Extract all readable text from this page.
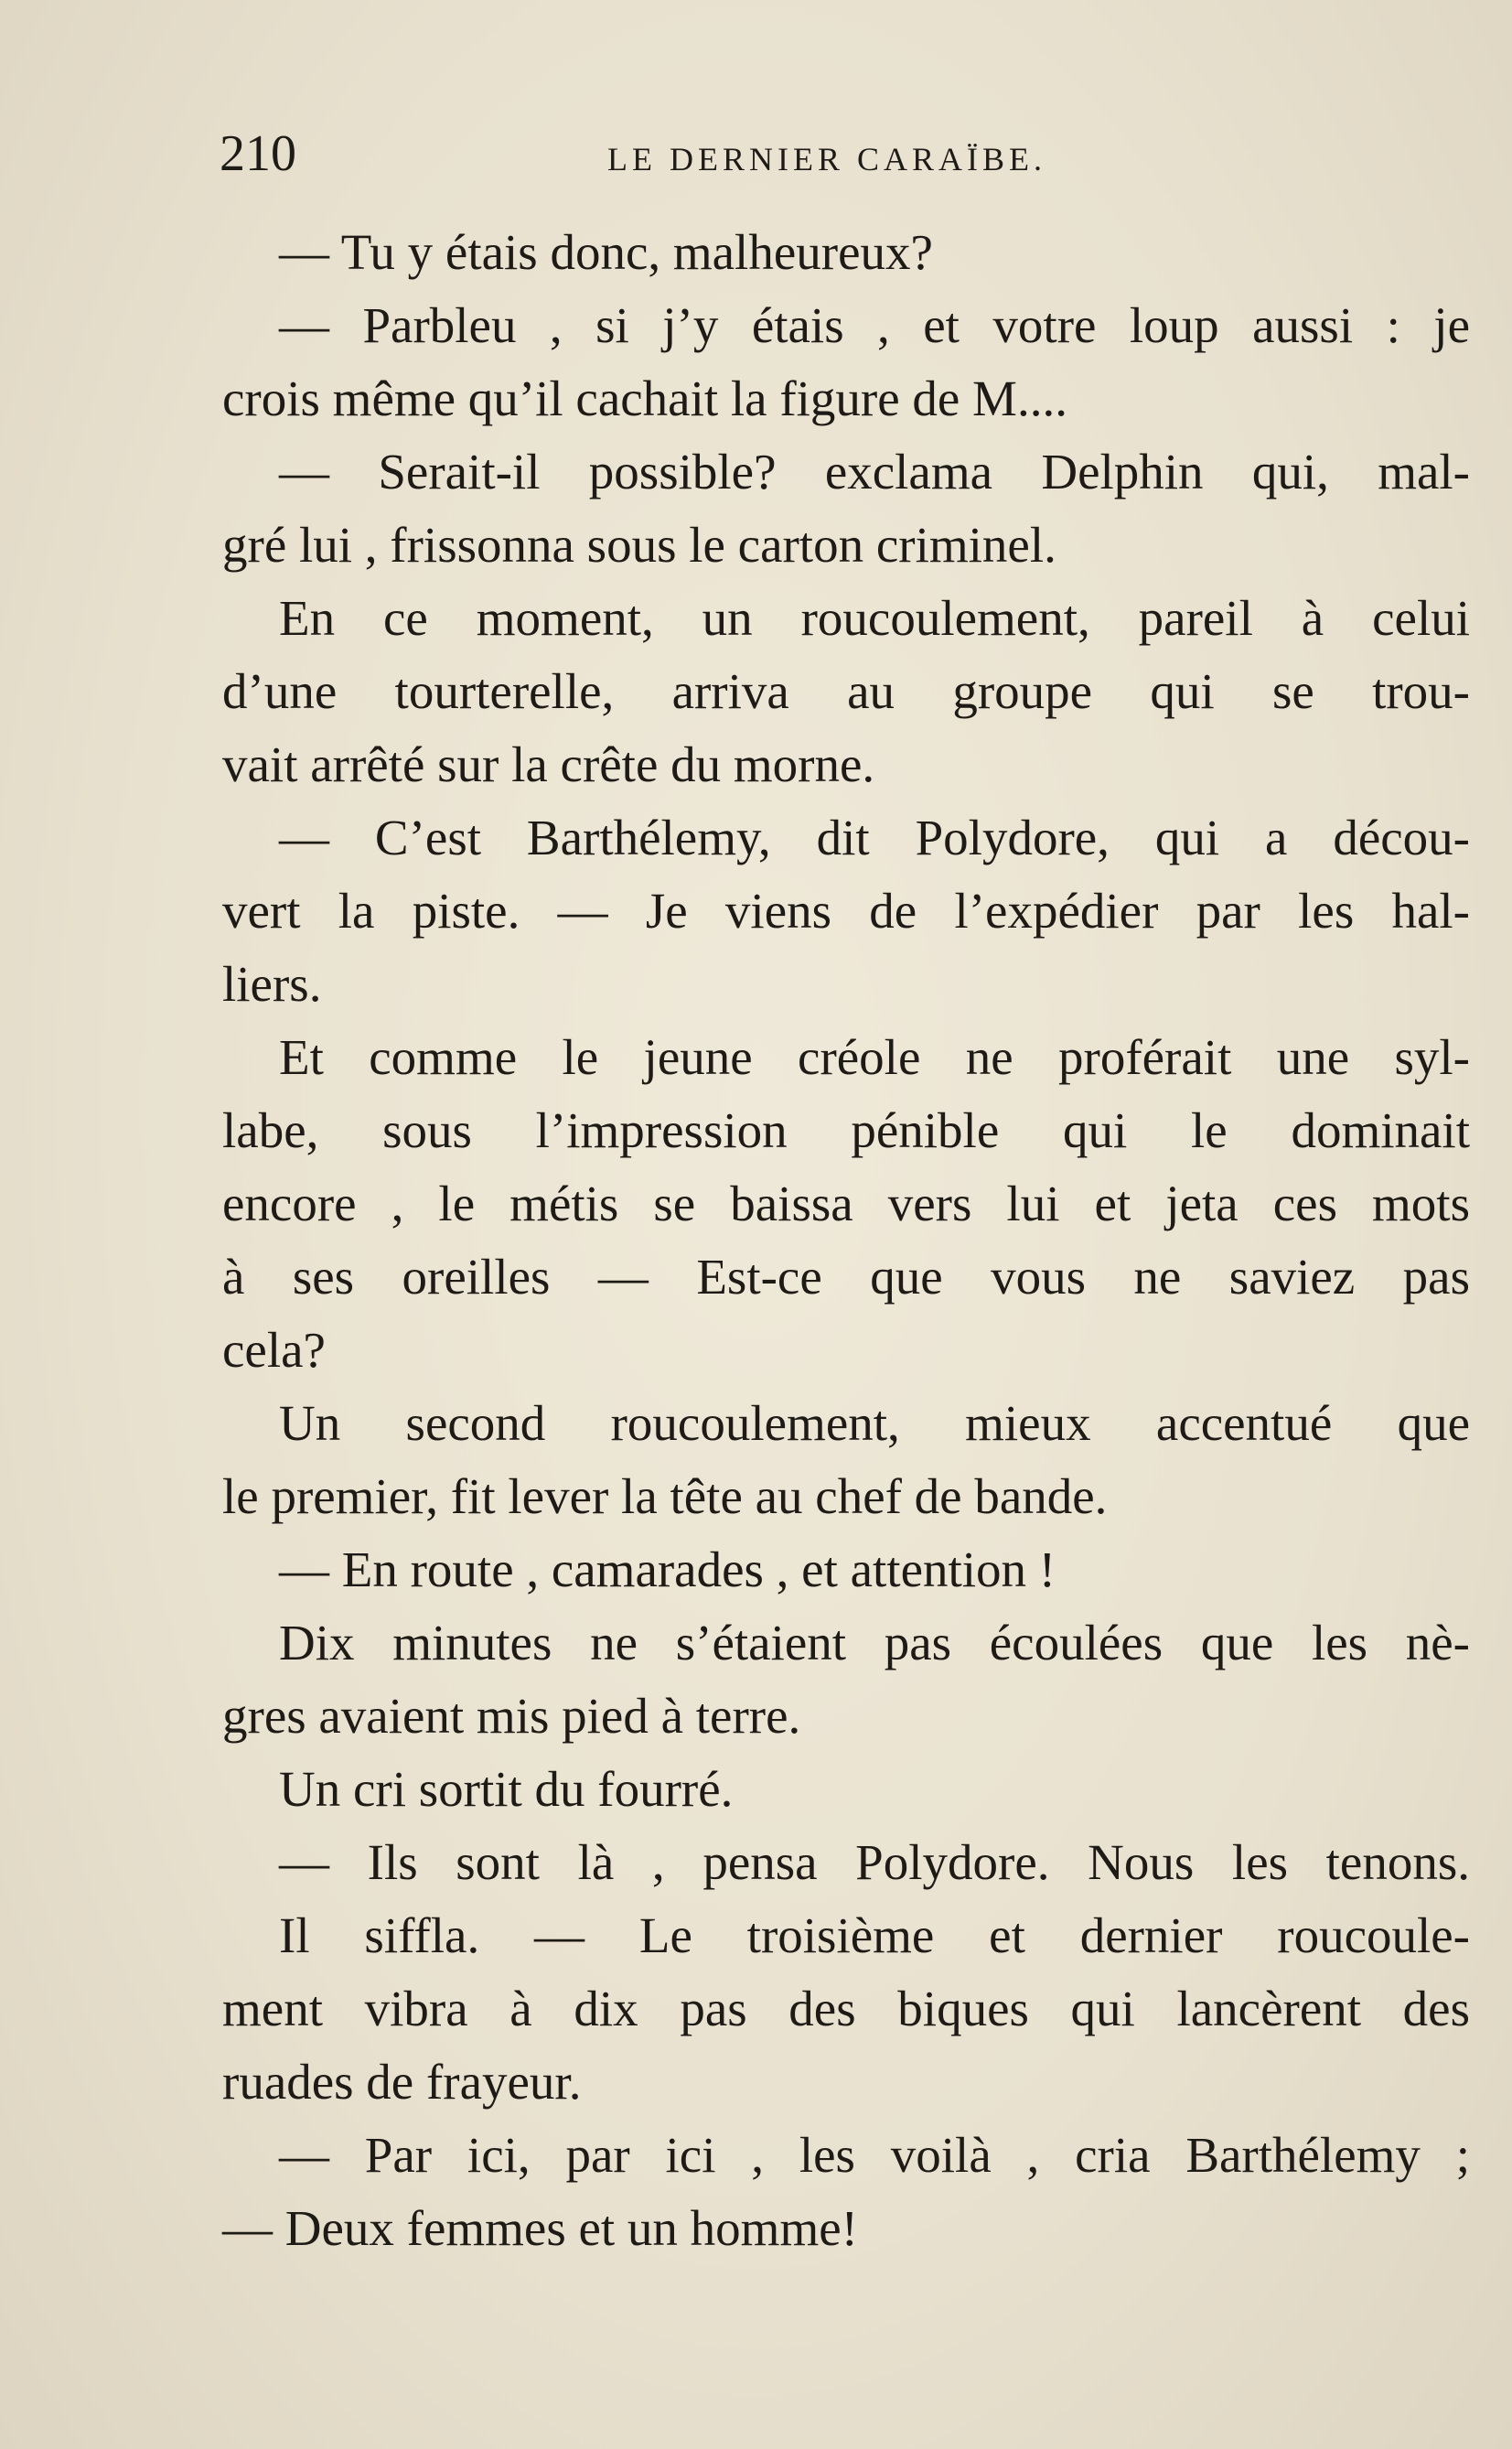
210	LE DERNIER CARAÏBE.
— Tu y étais donc, malheureux?
— Parbleu , si j’y étais , et votre loup aussi : je
crois même qu’il cachait la figure de M....
— Serait-il possible? exclama Delphin qui, mal-
gré lui , frissonna sous le carton criminel.
En ce moment, un roucoulement, pareil à celui
d’une tourterelle, arriva au groupe qui se trou-
vait arrêté sur la crête du morne.
— C’est Barthélemy, dit Polydore, qui a décou-
vert la piste. — Je viens de l’expédier par les hal-
liers.
Et comme le jeune créole ne proférait une syl-
labe, sous l’impression pénible qui le dominait
encore , le métis se baissa vers lui et jeta ces mots
à ses oreilles — Est-ce que vous ne saviez pas
cela?
Un second roucoulement, mieux accentué que
le premier, fit lever la tête au chef de bande.
— En route , camarades , et attention !
Dix minutes ne s’étaient pas écoulées que les nè-
gres avaient mis pied à terre.
Un cri sortit du fourré.
— Ils sont là , pensa Polydore. Nous les tenons.
Il siffla. — Le troisième et dernier roucoule-
ment vibra à dix pas des biques qui lancèrent des
ruades de frayeur.
— Par ici, par ici , les voilà , cria Barthélemy ;
— Deux femmes et un homme!
